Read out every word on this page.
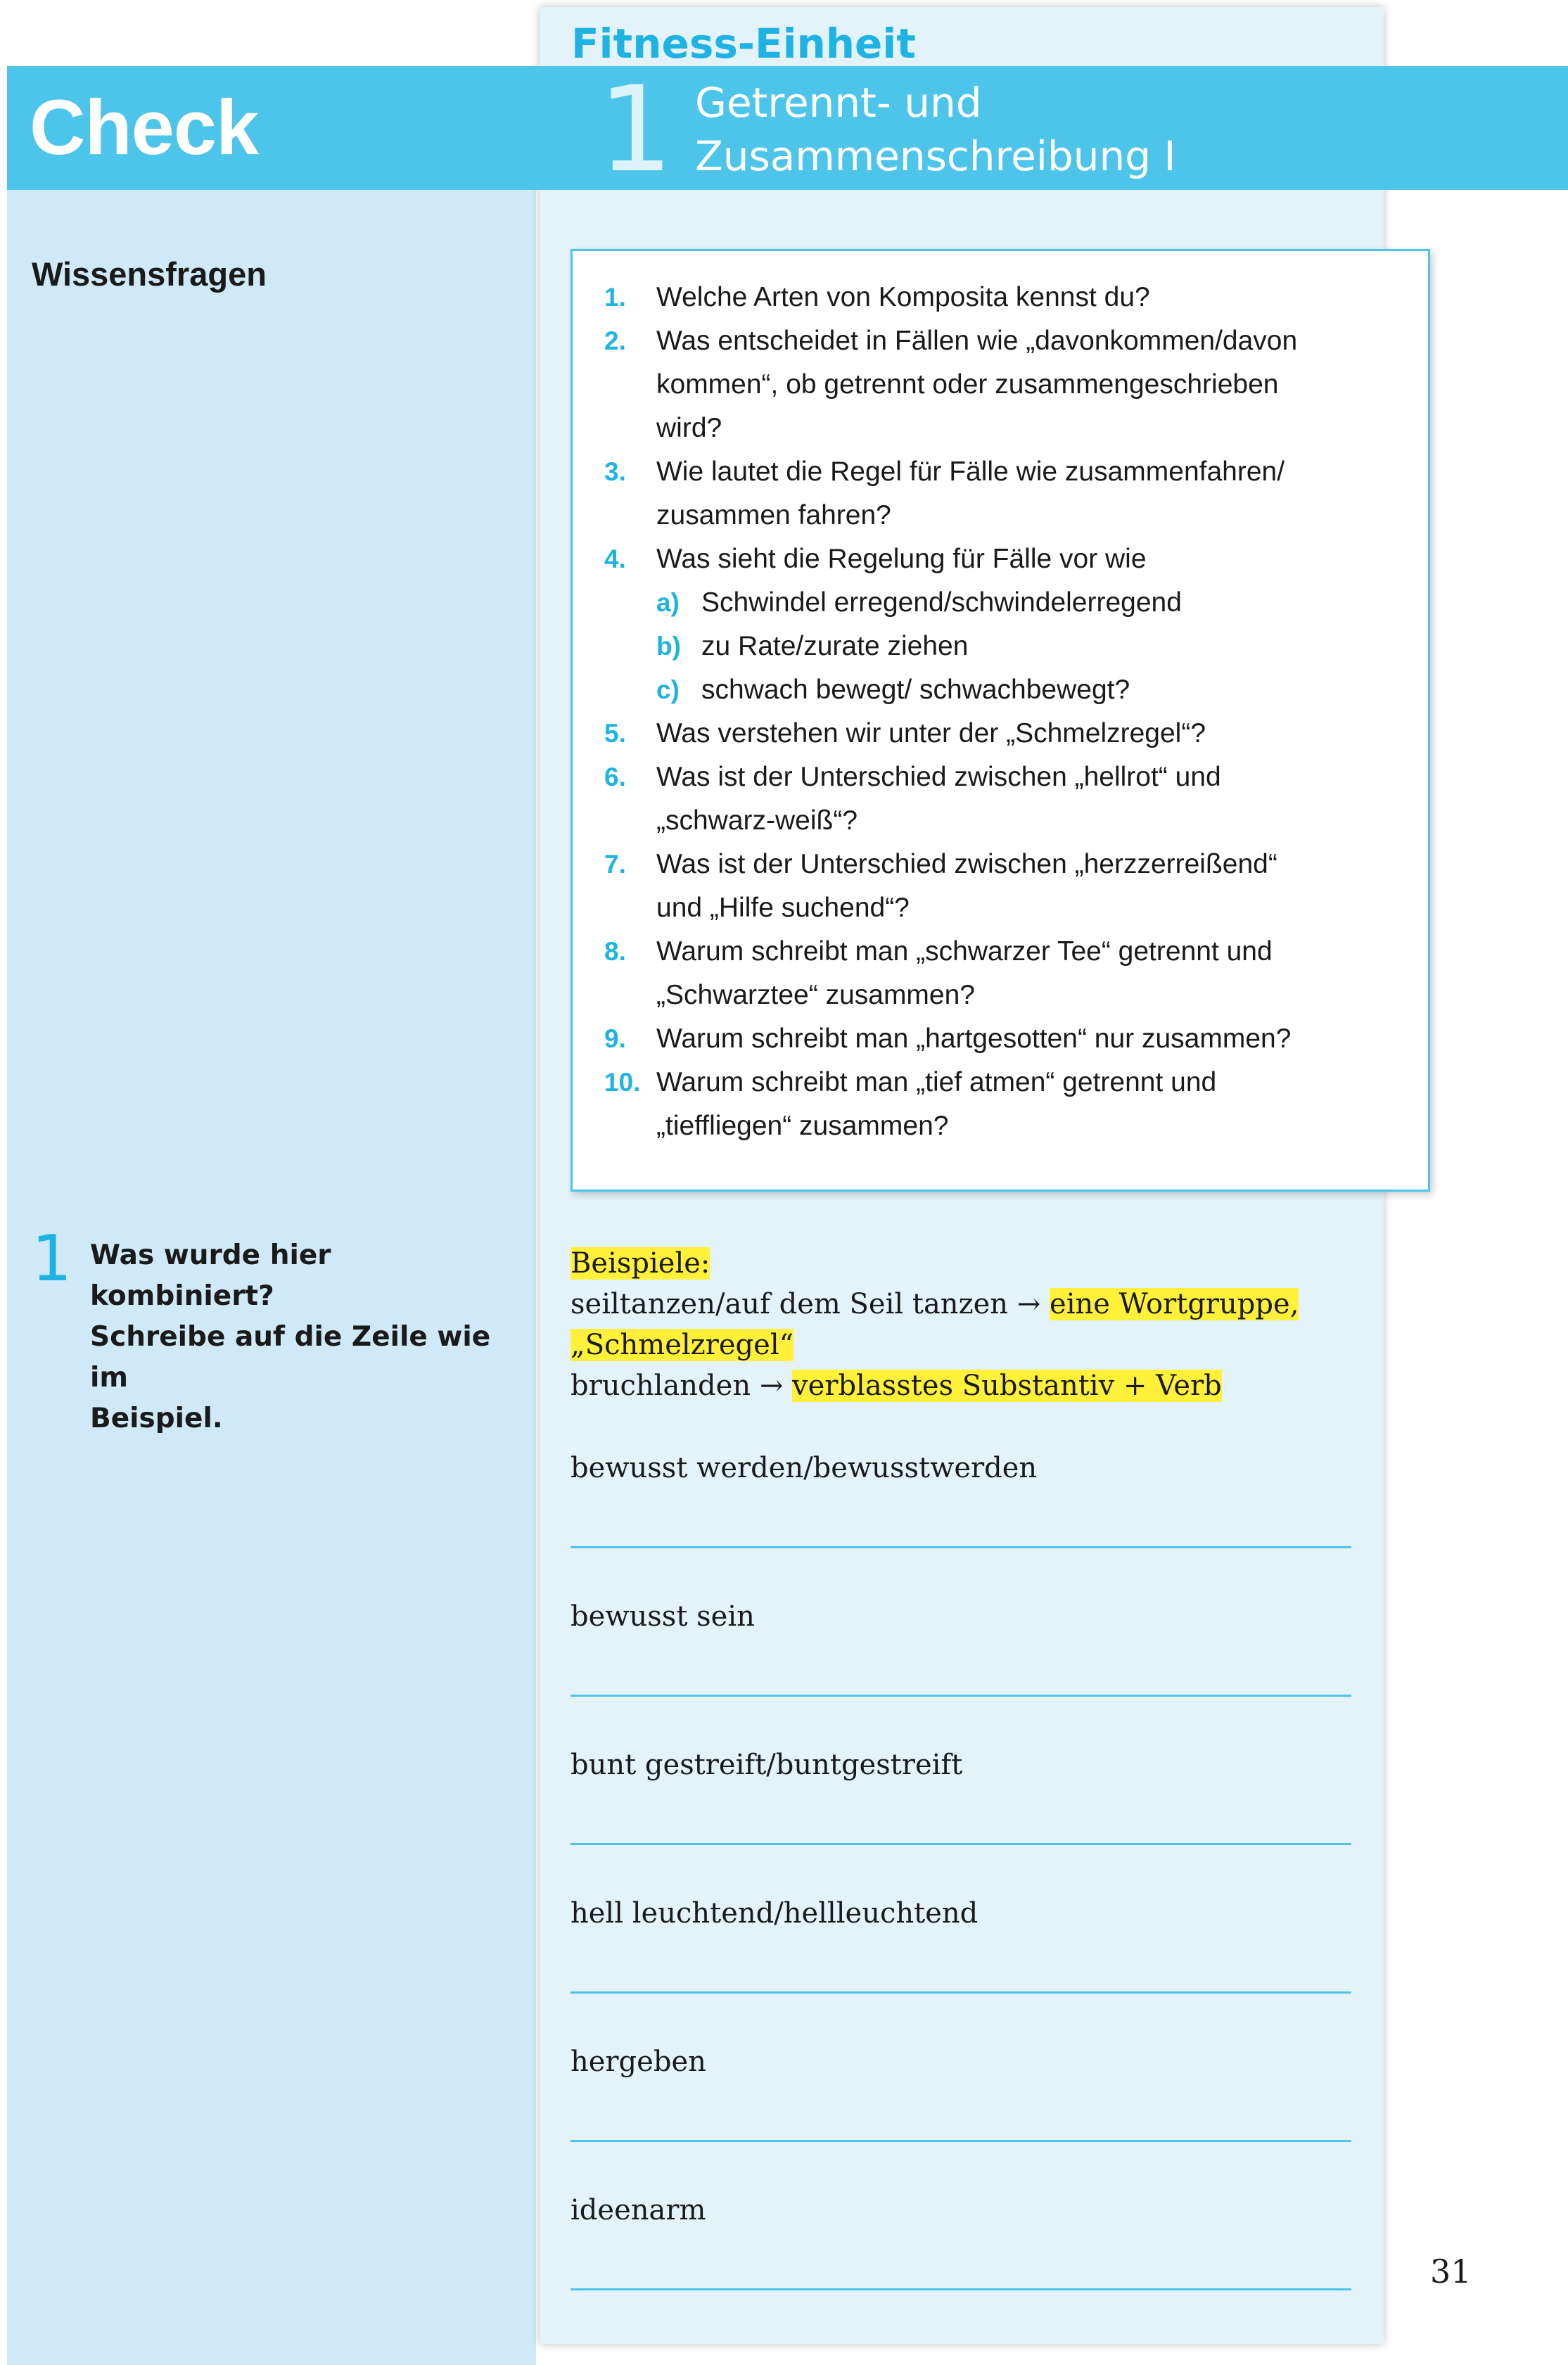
Check
Fitness-Einheit
1 Getrennt- und
Zusammenschreibung I
Wissensfragen
1. Welche Arten von Komposita kennst du?
2. Was entscheidet in Fällen wie „davonkommen/davon
kommen“, ob getrennt oder zusammengeschrieben
wird?
3. Wie lautet die Regel für Fälle wie zusammenfahren/
zusammen fahren?
4. Was sieht die Regelung für Fälle vor wie
a) Schwindel erregend/schwindelerregend
b) zu Rate/zurate ziehen
c) schwach bewegt/ schwachbewegt?
5. Was verstehen wir unter der „Schmelzregel“?
6. Was ist der Unterschied zwischen „hellrot“ und
„schwarz-weiß“?
7. Was ist der Unterschied zwischen „herzzerreißend“
und „Hilfe suchend“?
8. Warum schreibt man „schwarzer Tee“ getrennt und
„Schwarztee“ zusammen?
9. Warum schreibt man „hartgesotten“ nur zusammen?
10. Warum schreibt man „tief atmen“ getrennt und
„tieffliegen“ zusammen?
1 Was wurde hier kombiniert?
Schreibe auf die Zeile wie im
Beispiel.
Beispiele:
seiltanzen/auf dem Seil tanzen → eine Wortgruppe,
„Schmelzregel“
bruchlanden → verblasstes Substantiv + Verb
bewusst werden/bewusstwerden
bewusst sein
bunt gestreift/buntgestreift
hell leuchtend/hellleuchtend
hergeben
ideenarm
31
